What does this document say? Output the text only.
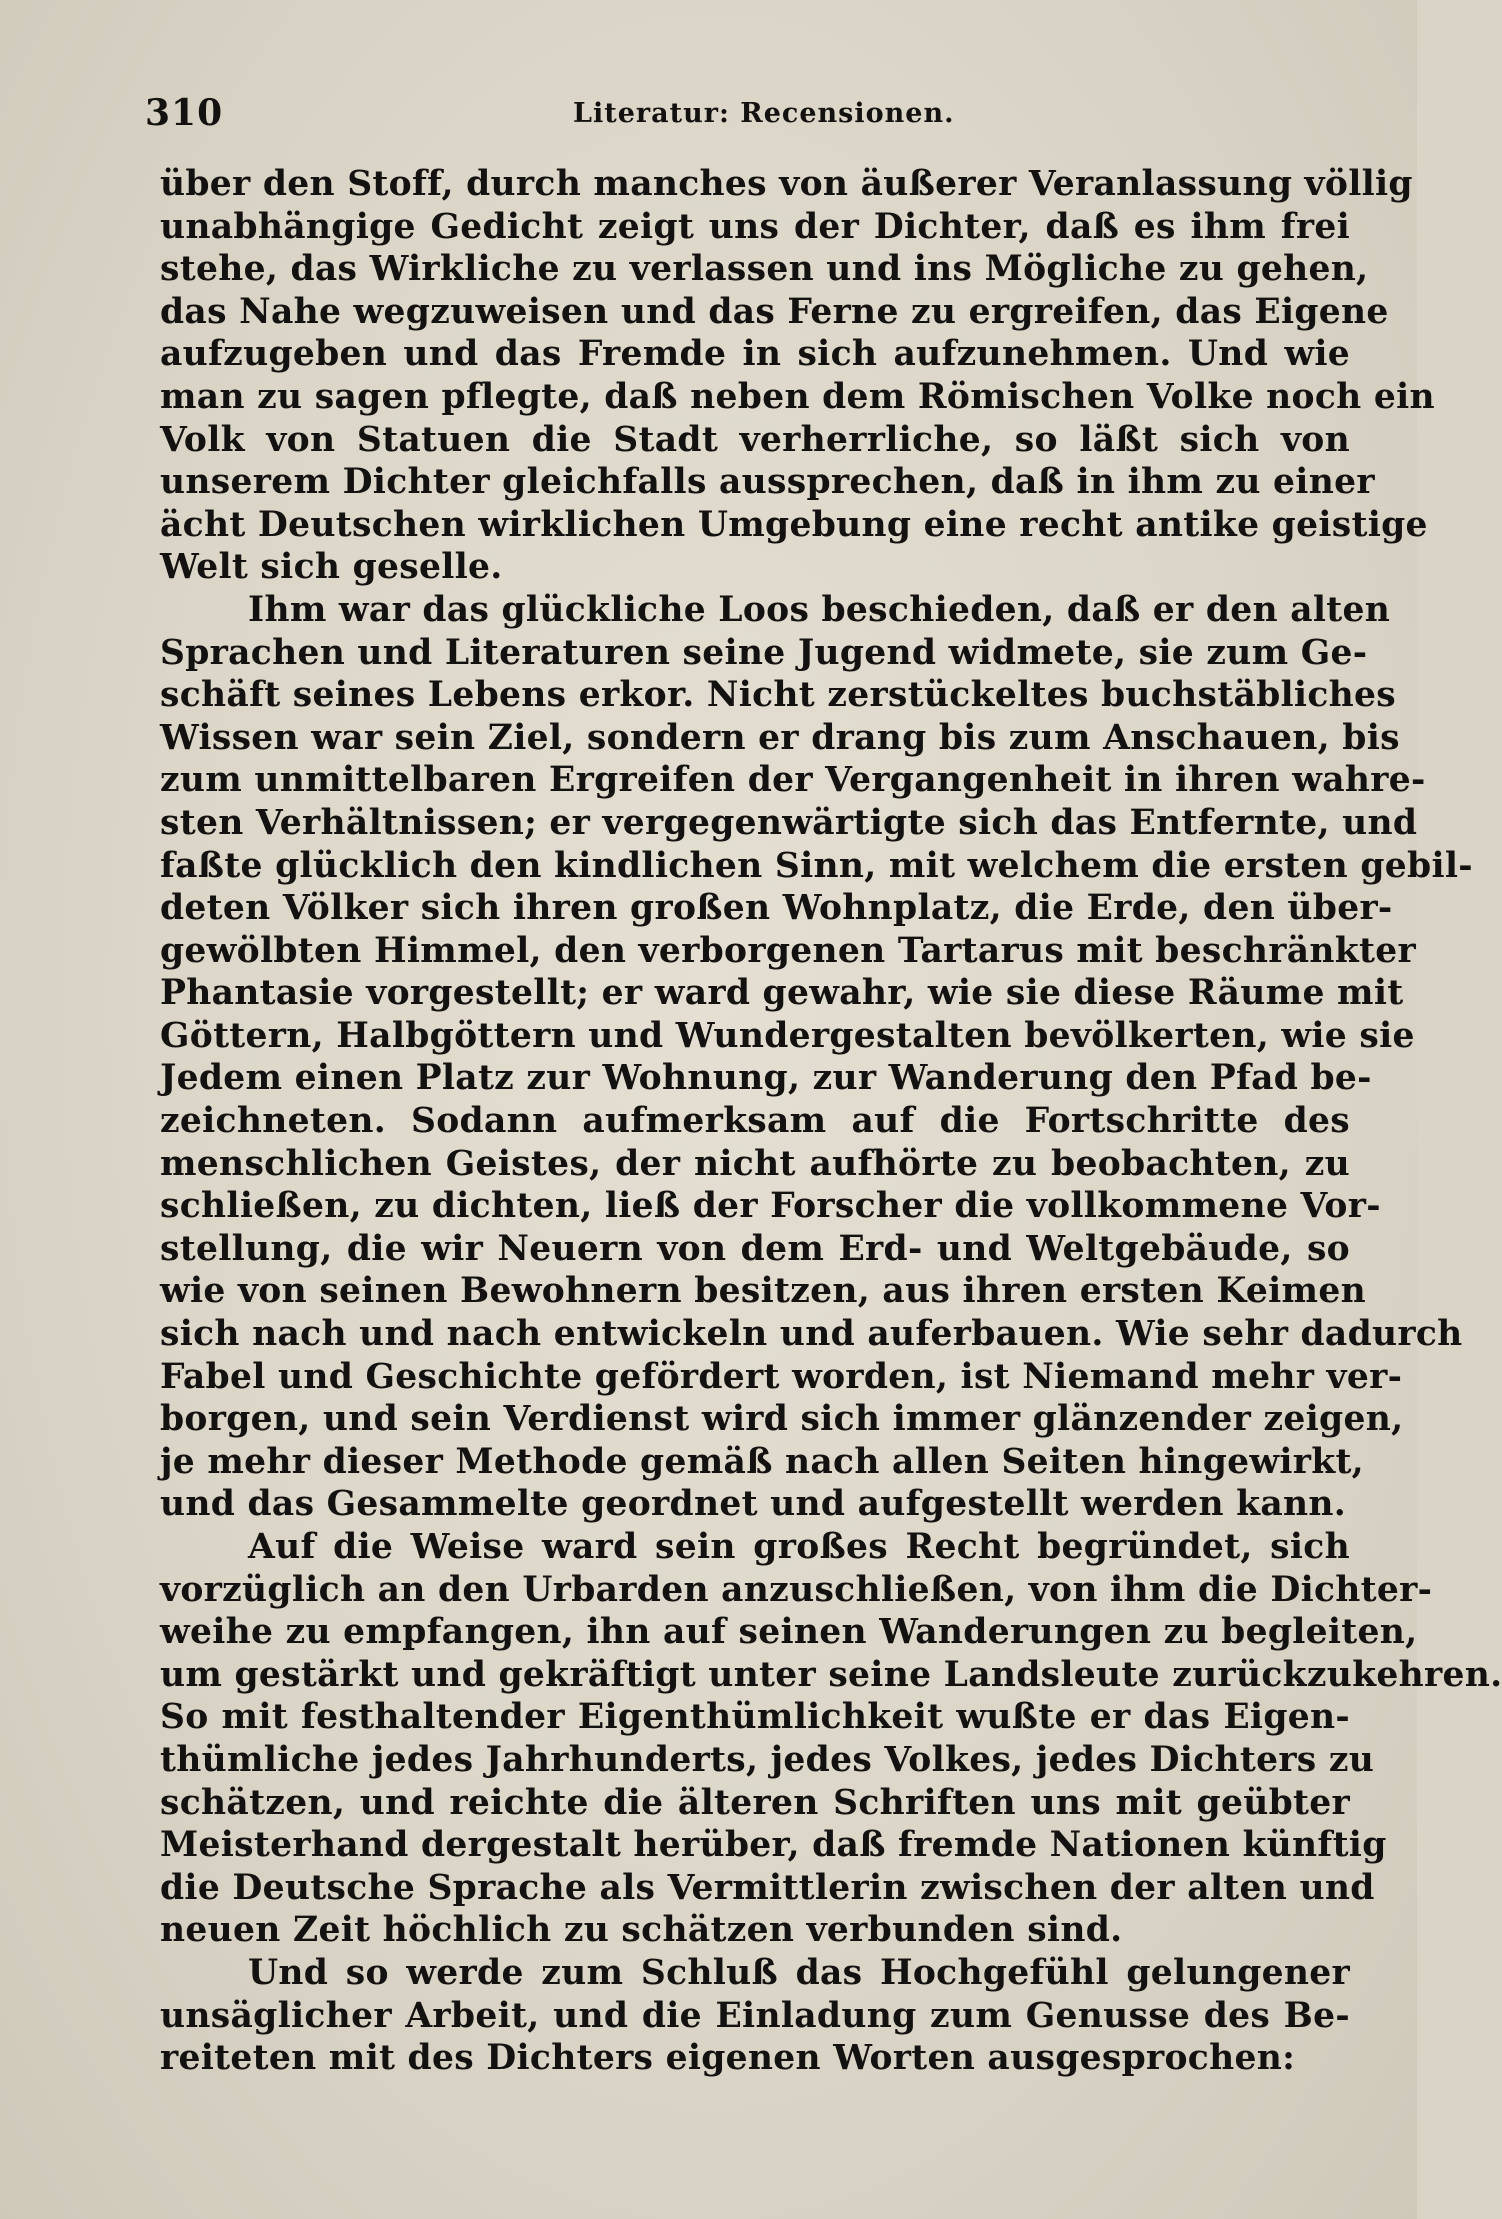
310	Literatur: Recensionen.
über den Stoff, durch manches von äußerer Veranlassung völlig
unabhängige Gedicht zeigt uns der Dichter, daß es ihm frei
stehe, das Wirkliche zu verlassen und ins Mögliche zu gehen,
das Nahe wegzuweisen und das Ferne zu ergreifen, das Eigene
aufzugeben und das Fremde in sich aufzunehmen. Und wie
man zu sagen pflegte, daß neben dem Römischen Volke noch ein
Volk von Statuen die Stadt verherrliche, so läßt sich von
unserem Dichter gleichfalls aussprechen, daß in ihm zu einer
ächt Deutschen wirklichen Umgebung eine recht antike geistige
Welt sich geselle.
Ihm war das glückliche Loos beschieden, daß er den alten
Sprachen und Literaturen seine Jugend widmete, sie zum Ge-
schäft seines Lebens erkor. Nicht zerstückeltes buchstäbliches
Wissen war sein Ziel, sondern er drang bis zum Anschauen, bis
zum unmittelbaren Ergreifen der Vergangenheit in ihren wahre-
sten Verhältnissen; er vergegenwärtigte sich das Entfernte, und
faßte glücklich den kindlichen Sinn, mit welchem die ersten gebil-
deten Völker sich ihren großen Wohnplatz, die Erde, den über-
gewölbten Himmel, den verborgenen Tartarus mit beschränkter
Phantasie vorgestellt; er ward gewahr, wie sie diese Räume mit
Göttern, Halbgöttern und Wundergestalten bevölkerten, wie sie
Jedem einen Platz zur Wohnung, zur Wanderung den Pfad be-
zeichneten. Sodann aufmerksam auf die Fortschritte des
menschlichen Geistes, der nicht aufhörte zu beobachten, zu
schließen, zu dichten, ließ der Forscher die vollkommene Vor-
stellung, die wir Neuern von dem Erd- und Weltgebäude, so
wie von seinen Bewohnern besitzen, aus ihren ersten Keimen
sich nach und nach entwickeln und auferbauen. Wie sehr dadurch
Fabel und Geschichte gefördert worden, ist Niemand mehr ver-
borgen, und sein Verdienst wird sich immer glänzender zeigen,
je mehr dieser Methode gemäß nach allen Seiten hingewirkt,
und das Gesammelte geordnet und aufgestellt werden kann.
Auf die Weise ward sein großes Recht begründet, sich
vorzüglich an den Urbarden anzuschließen, von ihm die Dichter-
weihe zu empfangen, ihn auf seinen Wanderungen zu begleiten,
um gestärkt und gekräftigt unter seine Landsleute zurückzukehren.
So mit festhaltender Eigenthümlichkeit wußte er das Eigen-
thümliche jedes Jahrhunderts, jedes Volkes, jedes Dichters zu
schätzen, und reichte die älteren Schriften uns mit geübter
Meisterhand dergestalt herüber, daß fremde Nationen künftig
die Deutsche Sprache als Vermittlerin zwischen der alten und
neuen Zeit höchlich zu schätzen verbunden sind.
Und so werde zum Schluß das Hochgefühl gelungener
unsäglicher Arbeit, und die Einladung zum Genusse des Be-
reiteten mit des Dichters eigenen Worten ausgesprochen:
